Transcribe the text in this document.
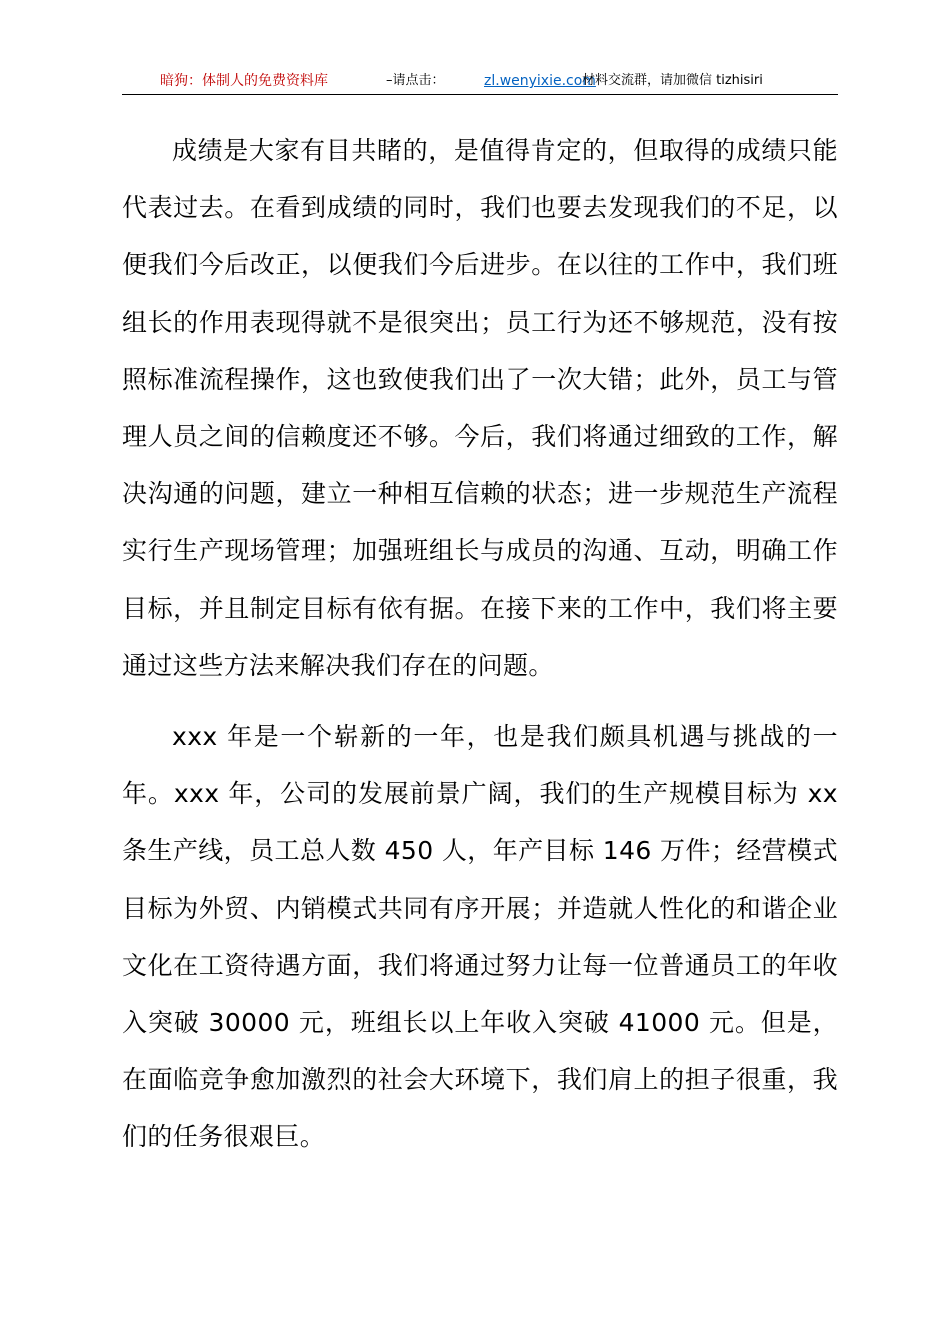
暗狗：体制人的免费资料库	–请点击：	zl.wenyixie.com
材料交流群，请加微信 tizhisiri

成绩是大家有目共睹的，是值得肯定的，但取得的成绩只能代表过去。在看到成绩的同时，我们也要去发现我们的不足，以便我们今后改正，以便我们今后进步。在以往的工作中，我们班组长的作用表现得就不是很突出；员工行为还不够规范，没有按照标准流程操作，这也致使我们出了一次大错；此外，员工与管理人员之间的信赖度还不够。今后，我们将通过细致的工作，解决沟通的问题，建立一种相互信赖的状态；进一步规范生产流程实行生产现场管理；加强班组长与成员的沟通、互动，明确工作目标，并且制定目标有依有据。在接下来的工作中，我们将主要通过这些方法来解决我们存在的问题。

xxx 年是一个崭新的一年，也是我们颇具机遇与挑战的一年。xxx 年，公司的发展前景广阔，我们的生产规模目标为 xx 条生产线，员工总人数 450 人，年产目标 146 万件；经营模式目标为外贸、内销模式共同有序开展；并造就人性化的和谐企业文化在工资待遇方面，我们将通过努力让每一位普通员工的年收入突破 30000 元，班组长以上年收入突破 41000 元。但是，在面临竞争愈加激烈的社会大环境下，我们肩上的担子很重，我们的任务很艰巨。
